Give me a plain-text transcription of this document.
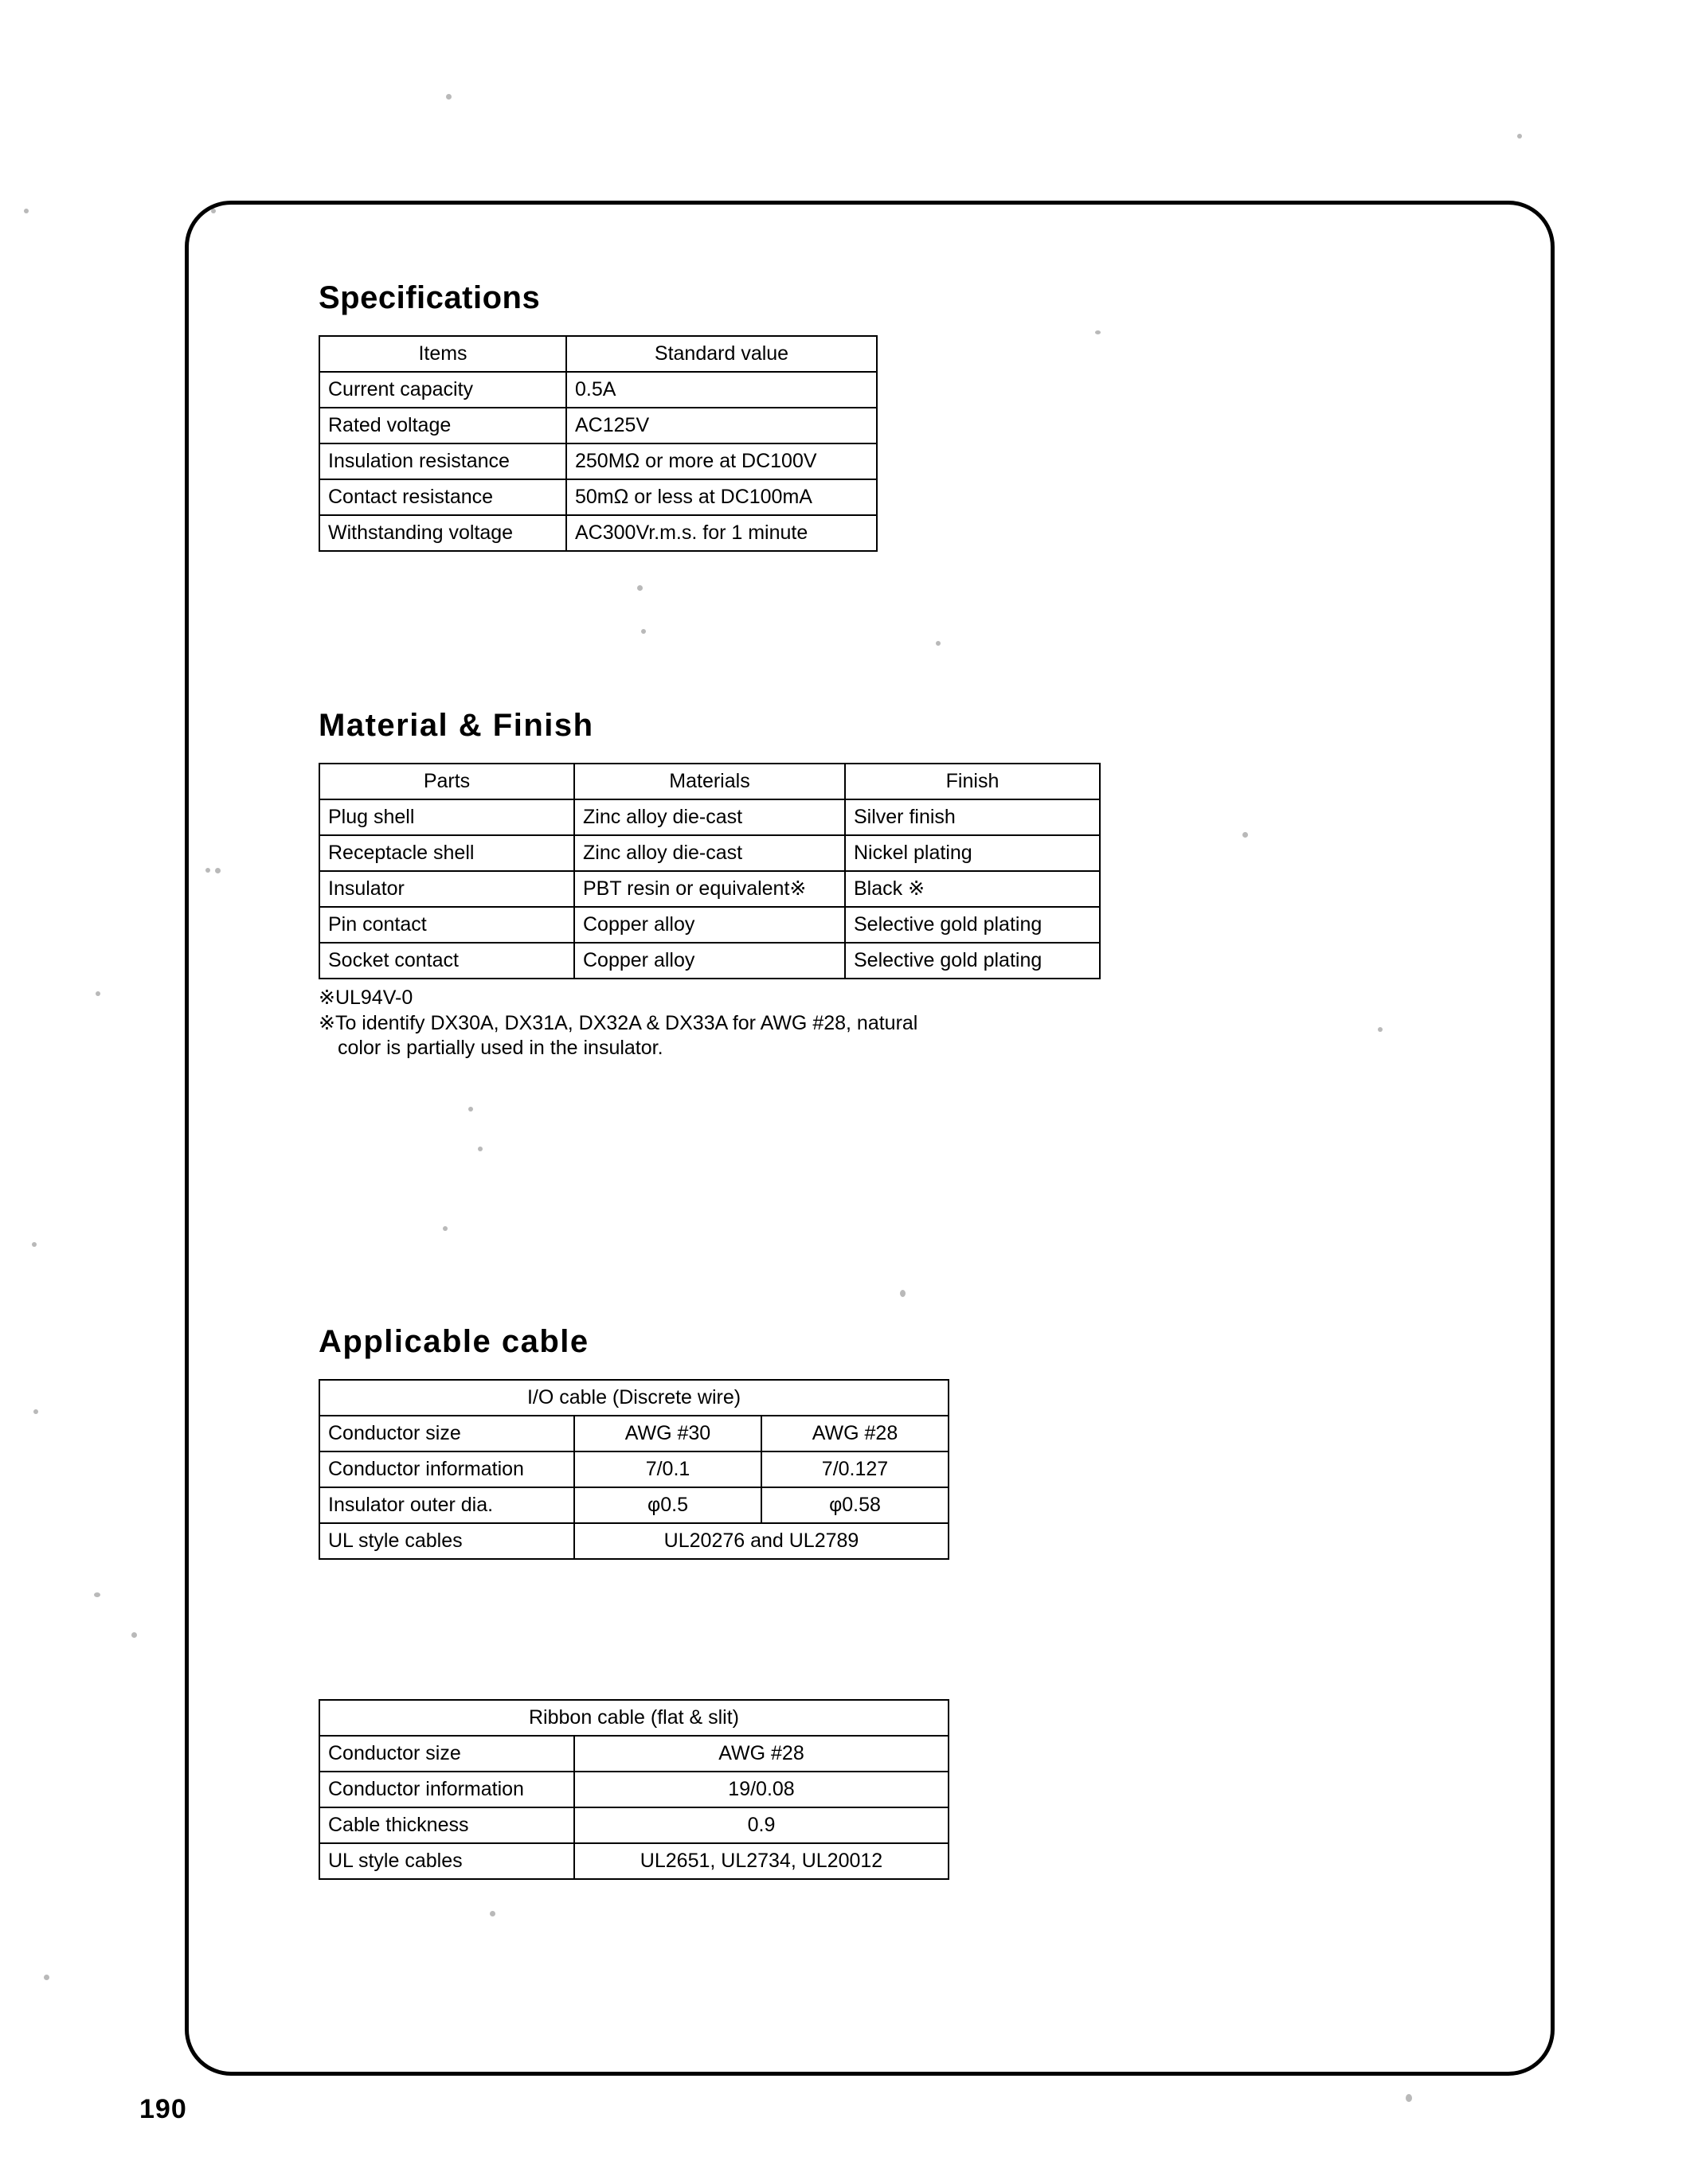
Specifications
Items	Standard value
Current capacity	0.5A
Rated voltage	AC125V
Insulation resistance	250MΩ or more at DC100V
Contact resistance	50mΩ or less at DC100mA
Withstanding voltage	AC300Vr.m.s. for 1 minute
Material & Finish
Parts	Materials	Finish
Plug shell	Zinc alloy die-cast	Silver finish
Receptacle shell	Zinc alloy die-cast	Nickel plating
Insulator	PBT resin or equivalent※	Black ※
Pin contact	Copper alloy	Selective gold plating
Socket contact	Copper alloy	Selective gold plating
※UL94V-0
※To identify DX30A, DX31A, DX32A & DX33A for AWG #28, natural
color is partially used in the insulator.
Applicable cable
I/O cable (Discrete wire)		
Conductor size	AWG #30	AWG #28
Conductor information	7/0.1	7/0.127
Insulator outer dia.	φ0.5	φ0.58
UL style cables	UL20276 and UL2789	
Ribbon cable (flat & slit)	
Conductor size	AWG #28
Conductor information	19/0.08
Cable thickness	0.9
UL style cables	UL2651, UL2734, UL20012
190
